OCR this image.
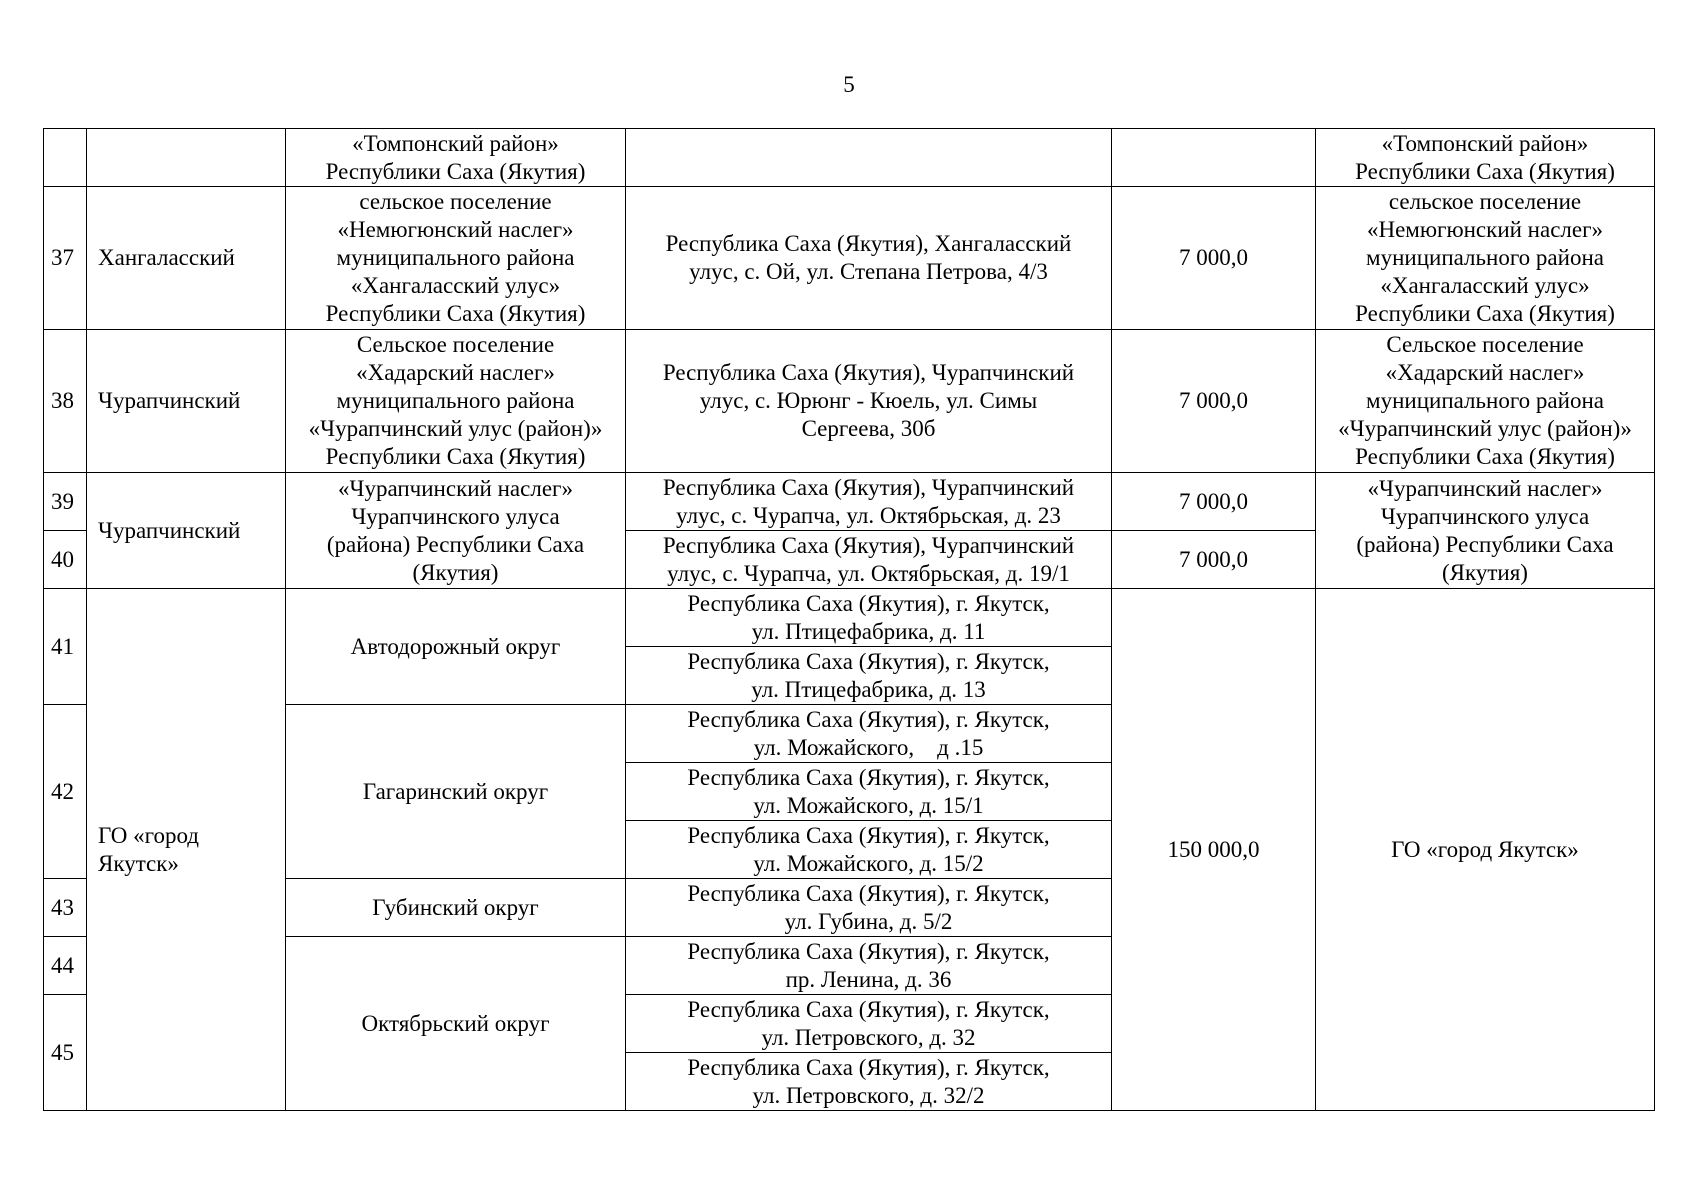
5

		«Томпонский район»
Республики Саха (Якутия)			«Томпонский район»
Республики Саха (Якутия)

37	Хангаласский	сельское поселение
«Немюгюнский наслег»
муниципального района
«Хангаласский улус»
Республики Саха (Якутия)	Республика Саха (Якутия), Хангаласский
улус, с. Ой, ул. Степана Петрова, 4/3	7 000,0	сельское поселение
«Немюгюнский наслег»
муниципального района
«Хангаласский улус»
Республики Саха (Якутия)

38	Чурапчинский	Сельское поселение
«Хадарский наслег»
муниципального района
«Чурапчинский улус (район)»
Республики Саха (Якутия)	Республика Саха (Якутия), Чурапчинский
улус, с. Юрюнг - Кюель, ул. Симы
Сергеева, 30б	7 000,0	Сельское поселение
«Хадарский наслег»
муниципального района
«Чурапчинский улус (район)»
Республики Саха (Якутия)

39	Чурапчинский	«Чурапчинский наслег»
Чурапчинского улуса
(района) Республики Саха
(Якутия)	Республика Саха (Якутия), Чурапчинский
улус, с. Чурапча, ул. Октябрьская, д. 23	7 000,0	«Чурапчинский наслег»
Чурапчинского улуса
(района) Республики Саха
(Якутия)

40			Республика Саха (Якутия), Чурапчинский
улус, с. Чурапча, ул. Октябрьская, д. 19/1	7 000,0	
41	ГО «город
Якутск»	Автодорожный округ	Республика Саха (Якутия), г. Якутск,
ул. Птицефабрика, д. 11	150 000,0	ГО «город Якутск»

			Республика Саха (Якутия), г. Якутск,
ул. Птицефабрика, д. 13		

42		Гагаринский округ	Республика Саха (Якутия), г. Якутск,
ул. Можайского,    д .15		

			Республика Саха (Якутия), г. Якутск,
ул. Можайского, д. 15/1		

			Республика Саха (Якутия), г. Якутск,
ул. Можайского, д. 15/2		

43		Губинский округ	Республика Саха (Якутия), г. Якутск,
ул. Губина, д. 5/2		

44		Октябрьский округ	Республика Саха (Якутия), г. Якутск,
пр. Ленина, д. 36		

45			Республика Саха (Якутия), г. Якутск,
ул. Петровского, д. 32		

			Республика Саха (Якутия), г. Якутск,
ул. Петровского, д. 32/2		
